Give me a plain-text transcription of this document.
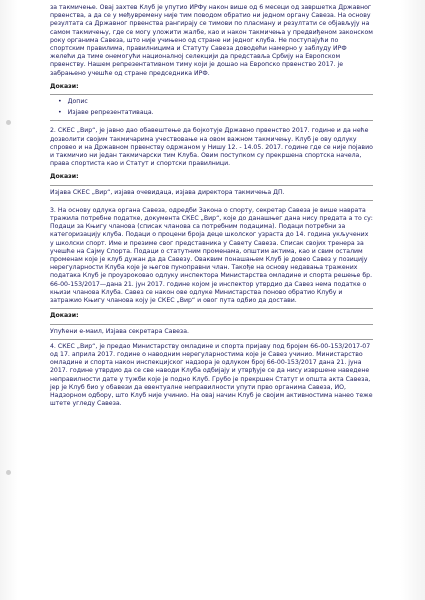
за такмичење. Овај захтев Клуб је упутио ИРФу након више од 6 месеци од завршетка Државног првенства, а да се у међувремену није тим поводом обратио ни једном органу Савеза. На основу резултата са Државног првенства рангирају се тимови по пласману и резултати се објављују на самом такмичењу, где се могу уложити жалбе, као и након такмичења у предвиђеном законском року органима Савеза, што није учињено од стране ни једног клуба. Не поступајући по спортским правилима, правилницима и Статуту Савеза доводећи намерно у заблуду ИРФ желећи да тиме онемогући националној селекцији да представља Србију на Европском првенству. Нашем репрезентативном тиму који је дошао на Европско првенство 2017. је забрањено учешће од стране председника ИРФ.

Докази:

• Допис

• Изјаве репрезентативаца.

2. СКЕС „Вир“, је јавно дао обавештење да бојкотује Државно првенство 2017. године и да неће дозволити својим такмичарима учествовање на овом важном такмичењу. Клуб је ову одлуку спровео и на Државном првенству одржаном у Нишу 12. - 14.05. 2017. године где се није појавио и такмичио ни један такмичарски тим Клуба. Овим поступком су прекршена спортска начела, права спортиста као и Статут и спортски правилници.

Докази:

Изјава СКЕС „Вир“, изјава очевидаца, изјава директора такмичења ДП.

3. На основу одлука органа Савеза, одредби Закона о спорту, секретар Савеза је више наврата тражила потребне податке, документа СКЕС „Вир“, које до данашњег дана нису предата а то су: Подаци за Књигу чланова (списак чланова са потребним подацима). Подаци потребни за категоризацију клуба. Подаци о процени броја деце школског узраста до 14. година укључених у школски спорт. Име и презиме свог представника у Савету Савеза. Списак својих тренера за учешће на Сајму Спорта. Подаци о статутним променама, општим актима, као и свим осталим променам које је клуб дужан да да Савезу. Оваквим понашањем Клуб је довео Савез у позицију нерегуларности Клуба које је његов пуноправни члан. Такође на основу недавања тражених података Клуб је проузроковао одлуку инспектора Министарства омладине и спорта решење бр. 66-00-153/2017—дана 21. јун 2017. године којом је инспектор утврдио да Савез нема податке о књизи чланова Клуба. Савез се након ове одлуке Министарства поново обратио Клубу и затражио Књигу чланова коју је СКЕС „Вир“ и овог пута одбио да достави.

Докази:

Упућени е-маил, Изјава секретара Савеза.

4. СКЕС „Вир“, је предао Министарству омладине и спорта пријаву под бројем 66-00-153/2017-07 од 17. априла 2017. године о наводним нерегуларностима које је Савез учинио. Министарство омладине и спорта након инспекцијског надзора је одлуком број 66-00-153/2017 дана 21. јуна 2017. године утврдио да се све наводи Клуба одбијају и утврђује се да нису извршене наведене неправилности дате у тужби које је подно Клуб. Грубо је прекршен Статут и општа акта Савеза, јер је Клуб био у обавези да евентуалне неправилности упути прво органима Савеза, ИО, Надзорном одбору, што Клуб није учинио. На овај начин Клуб је својим активностима нанео теже штете угледу Савеза.
